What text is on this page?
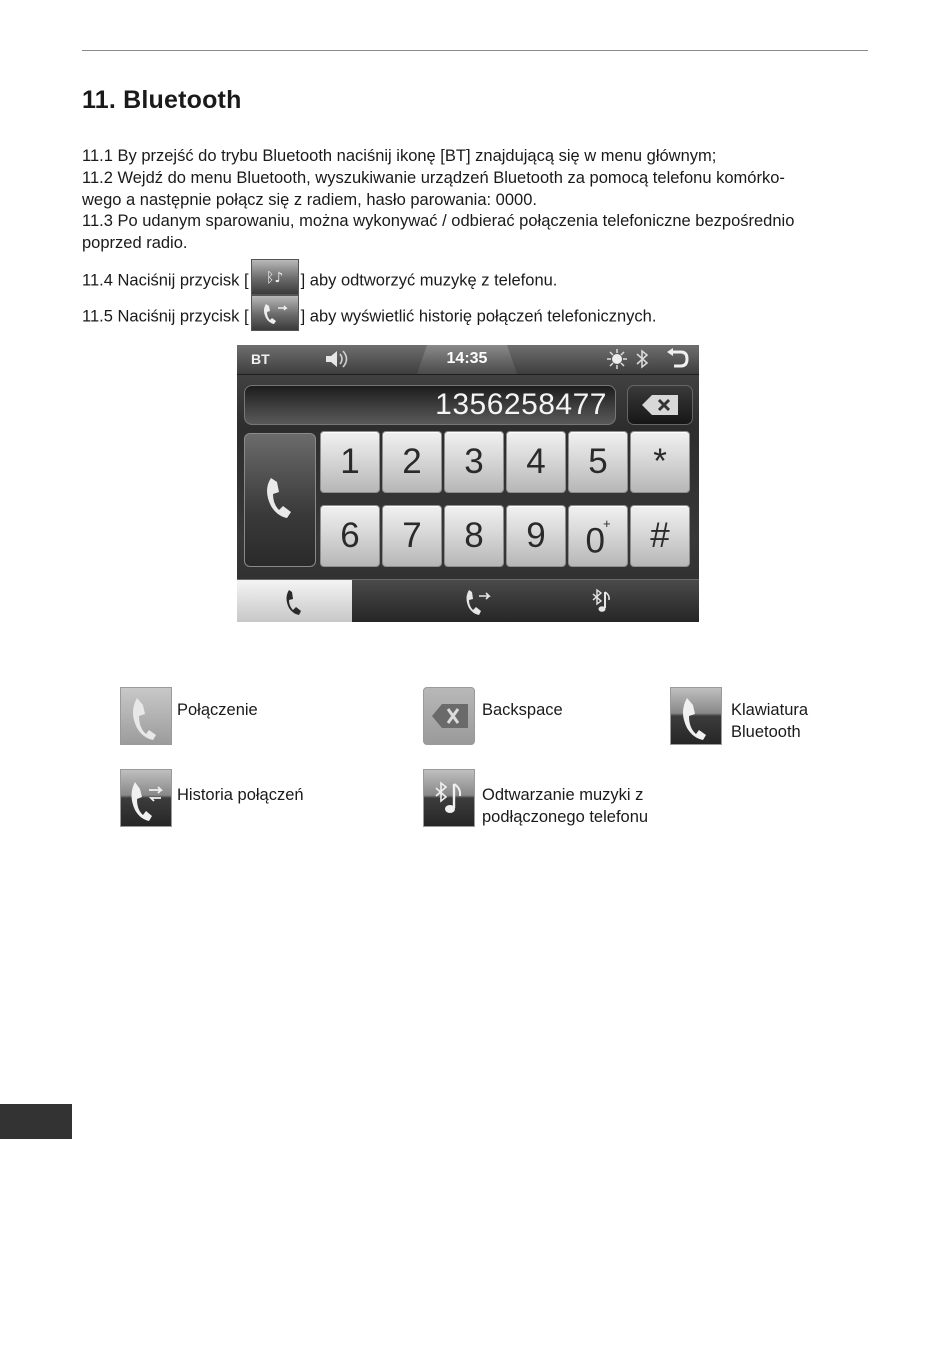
11. Bluetooth

11.1 By przejść do trybu Bluetooth naciśnij ikonę [BT] znajdującą się w menu głównym;

11.2 Wejdź do menu Bluetooth, wyszukiwanie urządzeń Bluetooth za pomocą telefonu komórko-

wego a następnie połącz się z radiem, hasło parowania: 0000.

11.3 Po udanym sparowaniu, można wykonywać / odbierać połączenia telefoniczne bezpośrednio

poprzed radio.

11.4 Naciśnij przycisk [ ᛒ♪ ] aby odtworzyć muzykę z telefonu.

11.5 Naciśnij przycisk [	] aby wyświetlić historię połączeń telefonicznych.

BT	14:35
1356258477
1	2	3	4	5	*
6	7	8	9	0+	#
Połączenie	Backspace	Klawiatura
Bluetooth
Historia połączeń	Odtwarzanie muzyki z
podłączonego telefonu
